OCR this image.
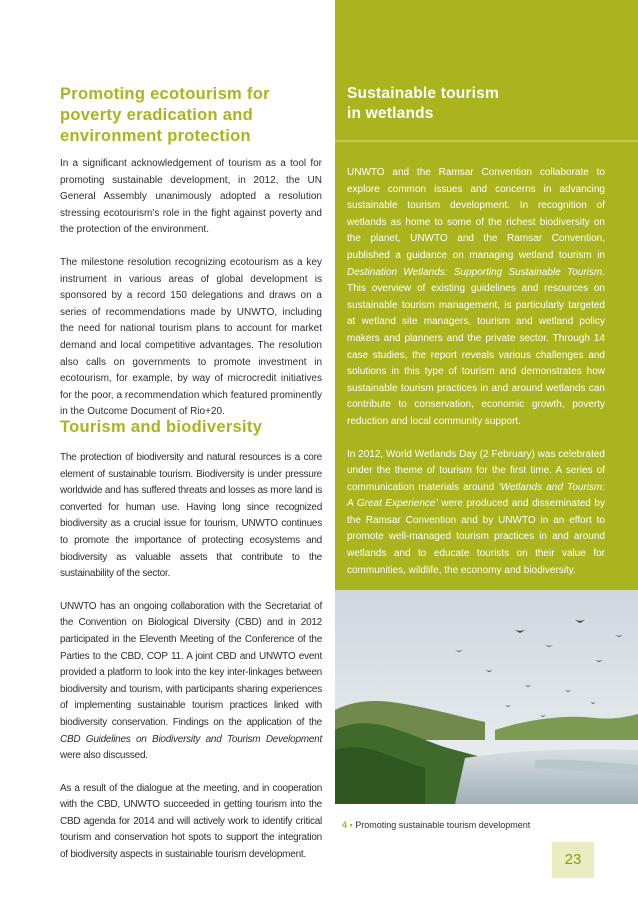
Promoting ecotourism for poverty eradication and environment protection

In a significant acknowledgement of tourism as a tool for promoting sustainable development, in 2012, the UN General Assembly unanimously adopted a resolution stressing ecotourism’s role in the fight against poverty and the protection of the environment.

The milestone resolution recognizing ecotourism as a key instrument in various areas of global development is sponsored by a record 150 delegations and draws on a series of recommendations made by UNWTO, including the need for national tourism plans to account for market demand and local competitive advantages. The resolution also calls on governments to promote investment in ecotourism, for example, by way of microcredit initiatives for the poor, a recommendation which featured prominently in the Outcome Document of Rio+20.

Tourism and biodiversity

The protection of biodiversity and natural resources is a core element of sustainable tourism. Biodiversity is under pressure worldwide and has suffered threats and losses as more land is converted for human use. Having long since recognized biodiversity as a crucial issue for tourism, UNWTO continues to promote the importance of protecting ecosystems and biodiversity as valuable assets that contribute to the sustainability of the sector.

UNWTO has an ongoing collaboration with the Secretariat of the Convention on Biological Diversity (CBD) and in 2012 participated in the Eleventh Meeting of the Conference of the Parties to the CBD, COP 11. A joint CBD and UNWTO event provided a platform to look into the key inter-linkages between biodiversity and tourism, with participants sharing experiences of implementing sustainable tourism practices linked with biodiversity conservation. Findings on the application of the CBD Guidelines on Biodiversity and Tourism Development were also discussed.

As a result of the dialogue at the meeting, and in cooperation with the CBD, UNWTO succeeded in getting tourism into the CBD agenda for 2014 and will actively work to identify critical tourism and conservation hot spots to support the integration of biodiversity aspects in sustainable tourism development.

Sustainable tourism
in wetlands

UNWTO and the Ramsar Convention collaborate to explore common issues and concerns in advancing sustainable tourism development. In recognition of wetlands as home to some of the richest biodiversity on the planet, UNWTO and the Ramsar Convention, published a guidance on managing wetland tourism in Destination Wetlands: Supporting Sustainable Tourism. This overview of existing guidelines and resources on sustainable tourism management, is particularly targeted at wetland site managers, tourism and wetland policy makers and planners and the private sector. Through 14 case studies, the report reveals various challenges and solutions in this type of tourism and demonstrates how sustainable tourism practices in and around wetlands can contribute to conservation, economic growth, poverty reduction and local community support.

In 2012, World Wetlands Day (2 February) was celebrated under the theme of tourism for the first time. A series of communication materials around ‘Wetlands and Tourism: A Great Experience’ were produced and disseminated by the Ramsar Convention and by UNWTO in an effort to promote well-managed tourism practices in and around wetlands and to educate tourists on their value for communities, wildlife, the economy and biodiversity.

4 • Promoting sustainable tourism development
23
